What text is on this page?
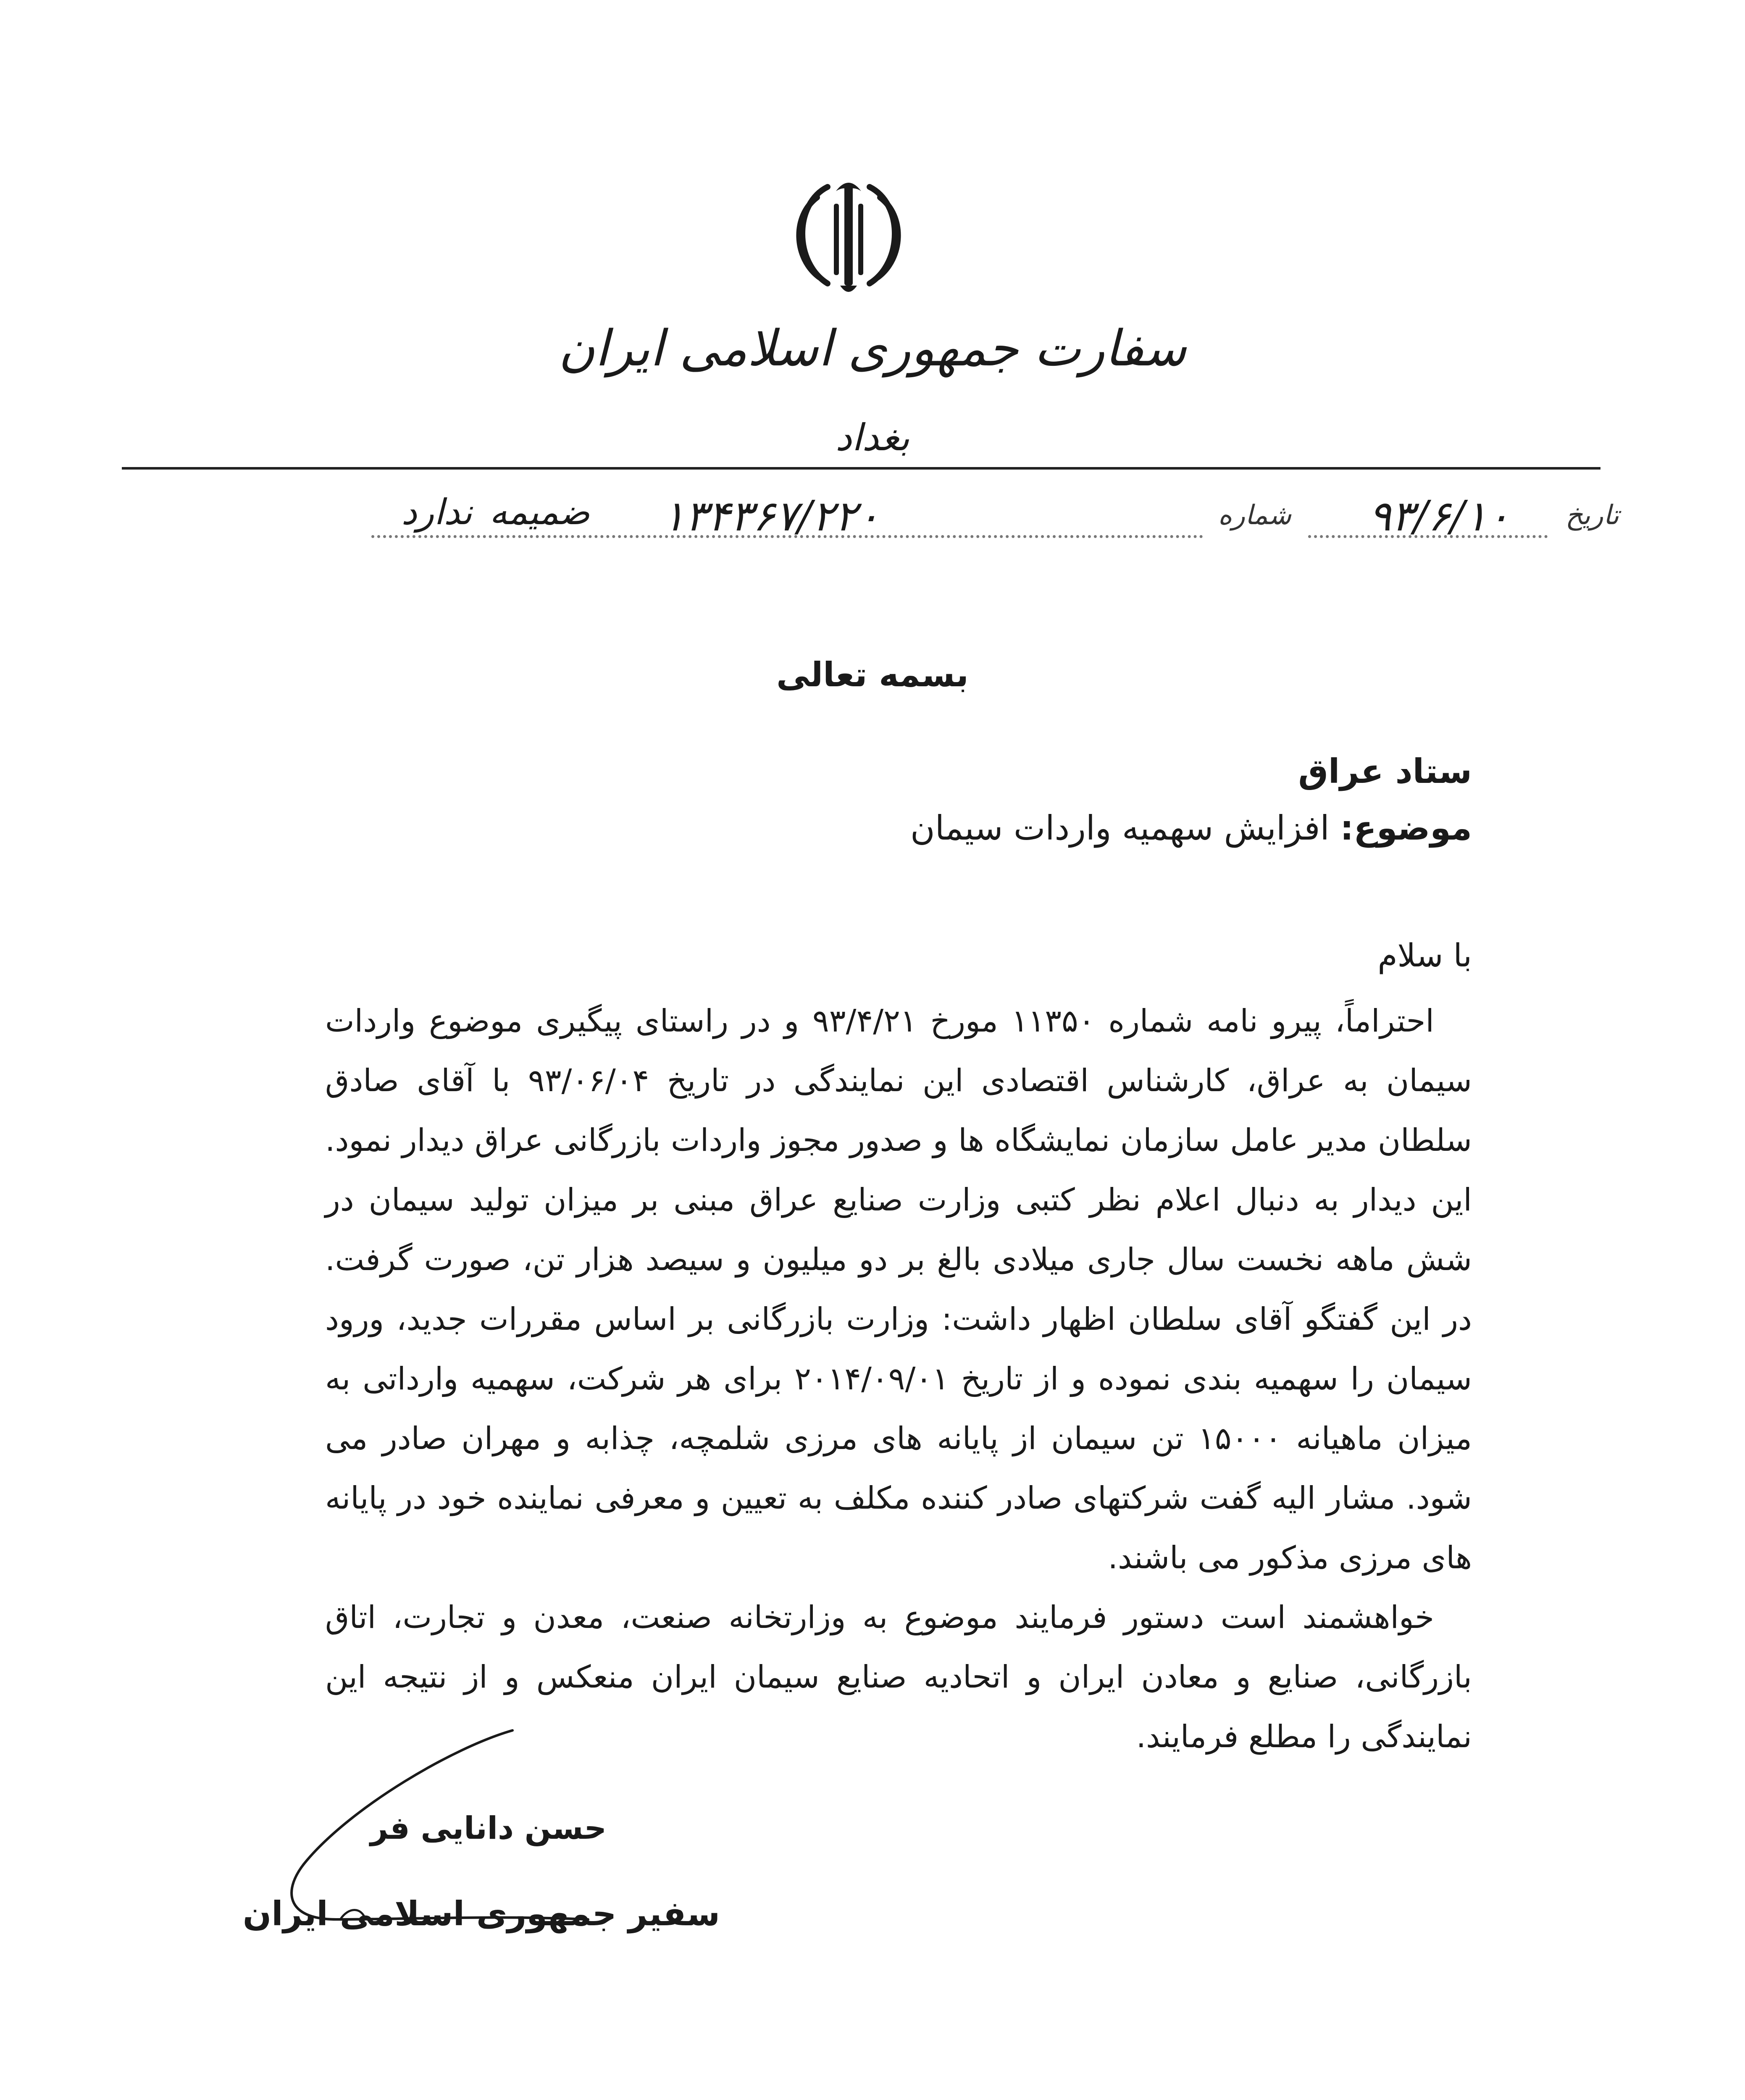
سفارت جمهوری اسلامی ایران
بغداد
تاریخ
۹۳/۶/۱۰
شماره
۱۳۴۳۶۷/۲۲۰
ضمیمه
ندارد
بسمه تعالی
ستاد عراق
موضوع: افزایش سهمیه واردات سیمان
با سلام

احتراماً، پیرو نامه شماره ۱۱۳۵۰ مورخ ۹۳/۴/۲۱ و در راستای پیگیری موضوع واردات سیمان به عراق، کارشناس اقتصادی این نمایندگی در تاریخ ۹۳/۰۶/۰۴ با آقای صادق سلطان مدیر عامل سازمان نمایشگاه ها و صدور مجوز واردات بازرگانی عراق دیدار نمود. این دیدار به دنبال اعلام نظر کتبی وزارت صنایع عراق مبنی بر میزان تولید سیمان در شش ماهه نخست سال جاری میلادی بالغ بر دو میلیون و سیصد هزار تن، صورت گرفت. در این گفتگو آقای سلطان اظهار داشت: وزارت بازرگانی بر اساس مقررات جدید، ورود سیمان را سهمیه بندی نموده و از تاریخ ۲۰۱۴/۰۹/۰۱ برای هر شرکت، سهمیه وارداتی به میزان ماهیانه ۱۵۰۰۰ تن سیمان از پایانه های مرزی شلمچه، چذابه و مهران صادر می شود. مشار الیه گفت شرکتهای صادر کننده مکلف به تعیین و معرفی نماینده خود در پایانه های مرزی مذکور می باشند.

خواهشمند است دستور فرمایند موضوع به وزارتخانه صنعت، معدن و تجارت، اتاق بازرگانی، صنایع و معادن ایران و اتحادیه صنایع سیمان ایران منعکس و از نتیجه این نمایندگی را مطلع فرمایند.

حسن دانایی فر
سفیر جمهوری اسلامی ایران
